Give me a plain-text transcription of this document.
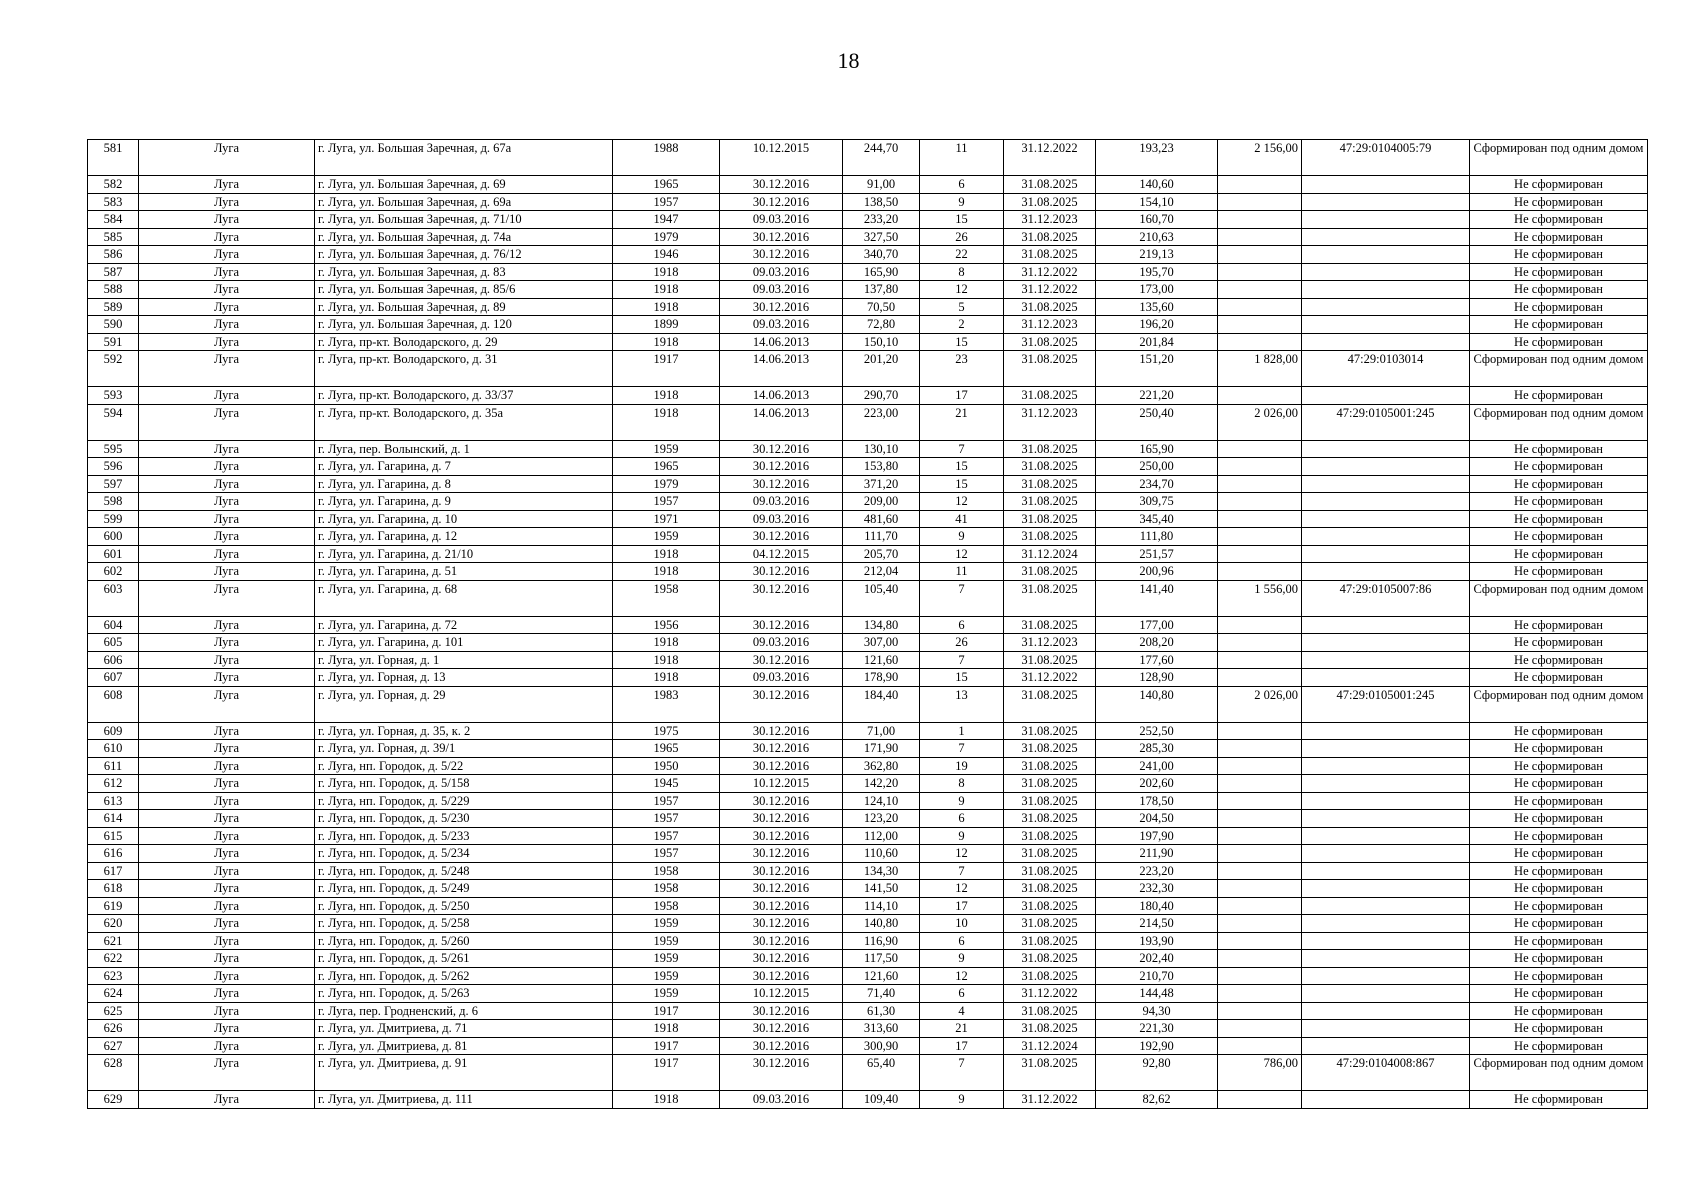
18
581	Луга	г. Луга, ул. Большая Заречная, д. 67а	1988	10.12.2015	244,70	11	31.12.2022	193,23	2 156,00	47:29:0104005:79	Сформирован под одним домом
582	Луга	г. Луга, ул. Большая Заречная, д. 69	1965	30.12.2016	91,00	6	31.08.2025	140,60			Не сформирован
583	Луга	г. Луга, ул. Большая Заречная, д. 69а	1957	30.12.2016	138,50	9	31.08.2025	154,10			Не сформирован
584	Луга	г. Луга, ул. Большая Заречная, д. 71/10	1947	09.03.2016	233,20	15	31.12.2023	160,70			Не сформирован
585	Луга	г. Луга, ул. Большая Заречная, д. 74а	1979	30.12.2016	327,50	26	31.08.2025	210,63			Не сформирован
586	Луга	г. Луга, ул. Большая Заречная, д. 76/12	1946	30.12.2016	340,70	22	31.08.2025	219,13			Не сформирован
587	Луга	г. Луга, ул. Большая Заречная, д. 83	1918	09.03.2016	165,90	8	31.12.2022	195,70			Не сформирован
588	Луга	г. Луга, ул. Большая Заречная, д. 85/6	1918	09.03.2016	137,80	12	31.12.2022	173,00			Не сформирован
589	Луга	г. Луга, ул. Большая Заречная, д. 89	1918	30.12.2016	70,50	5	31.08.2025	135,60			Не сформирован
590	Луга	г. Луга, ул. Большая Заречная, д. 120	1899	09.03.2016	72,80	2	31.12.2023	196,20			Не сформирован
591	Луга	г. Луга, пр-кт. Володарского, д. 29	1918	14.06.2013	150,10	15	31.08.2025	201,84			Не сформирован
592	Луга	г. Луга, пр-кт. Володарского, д. 31	1917	14.06.2013	201,20	23	31.08.2025	151,20	1 828,00	47:29:0103014	Сформирован под одним домом
593	Луга	г. Луга, пр-кт. Володарского, д. 33/37	1918	14.06.2013	290,70	17	31.08.2025	221,20			Не сформирован
594	Луга	г. Луга, пр-кт. Володарского, д. 35а	1918	14.06.2013	223,00	21	31.12.2023	250,40	2 026,00	47:29:0105001:245	Сформирован под одним домом
595	Луга	г. Луга, пер. Волынский, д. 1	1959	30.12.2016	130,10	7	31.08.2025	165,90			Не сформирован
596	Луга	г. Луга, ул. Гагарина, д. 7	1965	30.12.2016	153,80	15	31.08.2025	250,00			Не сформирован
597	Луга	г. Луга, ул. Гагарина, д. 8	1979	30.12.2016	371,20	15	31.08.2025	234,70			Не сформирован
598	Луга	г. Луга, ул. Гагарина, д. 9	1957	09.03.2016	209,00	12	31.08.2025	309,75			Не сформирован
599	Луга	г. Луга, ул. Гагарина, д. 10	1971	09.03.2016	481,60	41	31.08.2025	345,40			Не сформирован
600	Луга	г. Луга, ул. Гагарина, д. 12	1959	30.12.2016	111,70	9	31.08.2025	111,80			Не сформирован
601	Луга	г. Луга, ул. Гагарина, д. 21/10	1918	04.12.2015	205,70	12	31.12.2024	251,57			Не сформирован
602	Луга	г. Луга, ул. Гагарина, д. 51	1918	30.12.2016	212,04	11	31.08.2025	200,96			Не сформирован
603	Луга	г. Луга, ул. Гагарина, д. 68	1958	30.12.2016	105,40	7	31.08.2025	141,40	1 556,00	47:29:0105007:86	Сформирован под одним домом
604	Луга	г. Луга, ул. Гагарина, д. 72	1956	30.12.2016	134,80	6	31.08.2025	177,00			Не сформирован
605	Луга	г. Луга, ул. Гагарина, д. 101	1918	09.03.2016	307,00	26	31.12.2023	208,20			Не сформирован
606	Луга	г. Луга, ул. Горная, д. 1	1918	30.12.2016	121,60	7	31.08.2025	177,60			Не сформирован
607	Луга	г. Луга, ул. Горная, д. 13	1918	09.03.2016	178,90	15	31.12.2022	128,90			Не сформирован
608	Луга	г. Луга, ул. Горная, д. 29	1983	30.12.2016	184,40	13	31.08.2025	140,80	2 026,00	47:29:0105001:245	Сформирован под одним домом
609	Луга	г. Луга, ул. Горная, д. 35, к. 2	1975	30.12.2016	71,00	1	31.08.2025	252,50			Не сформирован
610	Луга	г. Луга, ул. Горная, д. 39/1	1965	30.12.2016	171,90	7	31.08.2025	285,30			Не сформирован
611	Луга	г. Луга, нп. Городок, д. 5/22	1950	30.12.2016	362,80	19	31.08.2025	241,00			Не сформирован
612	Луга	г. Луга, нп. Городок, д. 5/158	1945	10.12.2015	142,20	8	31.08.2025	202,60			Не сформирован
613	Луга	г. Луга, нп. Городок, д. 5/229	1957	30.12.2016	124,10	9	31.08.2025	178,50			Не сформирован
614	Луга	г. Луга, нп. Городок, д. 5/230	1957	30.12.2016	123,20	6	31.08.2025	204,50			Не сформирован
615	Луга	г. Луга, нп. Городок, д. 5/233	1957	30.12.2016	112,00	9	31.08.2025	197,90			Не сформирован
616	Луга	г. Луга, нп. Городок, д. 5/234	1957	30.12.2016	110,60	12	31.08.2025	211,90			Не сформирован
617	Луга	г. Луга, нп. Городок, д. 5/248	1958	30.12.2016	134,30	7	31.08.2025	223,20			Не сформирован
618	Луга	г. Луга, нп. Городок, д. 5/249	1958	30.12.2016	141,50	12	31.08.2025	232,30			Не сформирован
619	Луга	г. Луга, нп. Городок, д. 5/250	1958	30.12.2016	114,10	17	31.08.2025	180,40			Не сформирован
620	Луга	г. Луга, нп. Городок, д. 5/258	1959	30.12.2016	140,80	10	31.08.2025	214,50			Не сформирован
621	Луга	г. Луга, нп. Городок, д. 5/260	1959	30.12.2016	116,90	6	31.08.2025	193,90			Не сформирован
622	Луга	г. Луга, нп. Городок, д. 5/261	1959	30.12.2016	117,50	9	31.08.2025	202,40			Не сформирован
623	Луга	г. Луга, нп. Городок, д. 5/262	1959	30.12.2016	121,60	12	31.08.2025	210,70			Не сформирован
624	Луга	г. Луга, нп. Городок, д. 5/263	1959	10.12.2015	71,40	6	31.12.2022	144,48			Не сформирован
625	Луга	г. Луга, пер. Гродненский, д. 6	1917	30.12.2016	61,30	4	31.08.2025	94,30			Не сформирован
626	Луга	г. Луга, ул. Дмитриева, д. 71	1918	30.12.2016	313,60	21	31.08.2025	221,30			Не сформирован
627	Луга	г. Луга, ул. Дмитриева, д. 81	1917	30.12.2016	300,90	17	31.12.2024	192,90			Не сформирован
628	Луга	г. Луга, ул. Дмитриева, д. 91	1917	30.12.2016	65,40	7	31.08.2025	92,80	786,00	47:29:0104008:867	Сформирован под одним домом
629	Луга	г. Луга, ул. Дмитриева, д. 111	1918	09.03.2016	109,40	9	31.12.2022	82,62			Не сформирован
